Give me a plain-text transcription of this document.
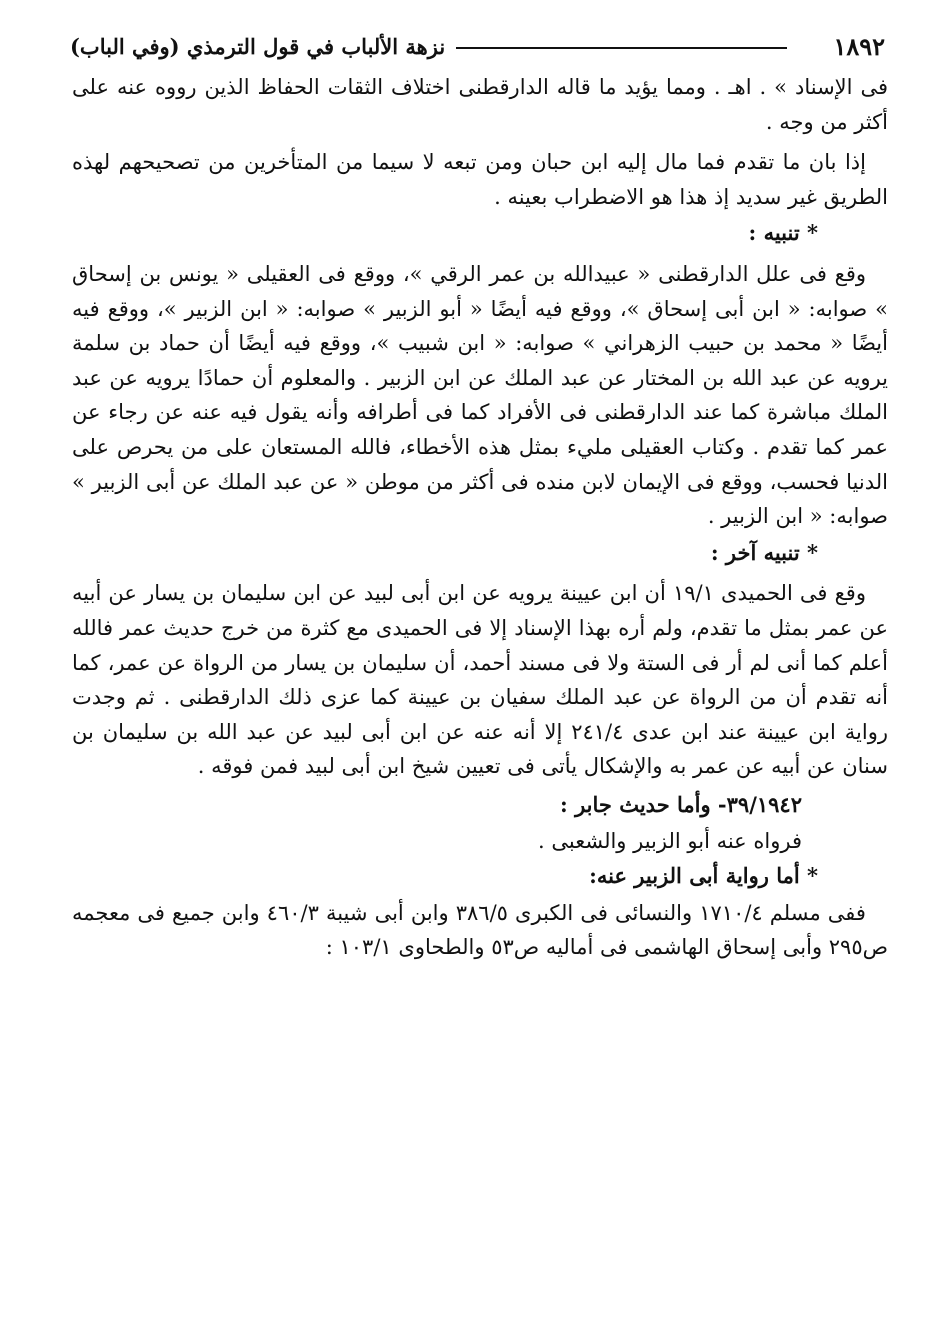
١٨٩٢
نزهة الألباب في قول الترمذي (وفي الباب)

فى الإسناد » . اهـ . ومما يؤيد ما قاله الدارقطنى اختلاف الثقات الحفاظ الذين رووه عنه على أكثر من وجه .

إذا بان ما تقدم فما مال إليه ابن حبان ومن تبعه لا سيما من المتأخرين من تصحيحهم لهذه الطريق غير سديد إذ هذا هو الاضطراب بعينه .

* تنبيه :

وقع فى علل الدارقطنى « عبيدالله بن عمر الرقي »، ووقع فى العقيلى « يونس بن إسحاق » صوابه: « ابن أبى إسحاق »، ووقع فيه أيضًا « أبو الزبير » صوابه: « ابن الزبير »، ووقع فيه أيضًا « محمد بن حبيب الزهراني » صوابه: « ابن شبيب »، ووقع فيه أيضًا أن حماد بن سلمة يرويه عن عبد الله بن المختار عن عبد الملك عن ابن الزبير . والمعلوم أن حمادًا يرويه عن عبد الملك مباشرة كما عند الدارقطنى فى الأفراد كما فى أطرافه وأنه يقول فيه عنه عن رجاء عن عمر كما تقدم . وكتاب العقيلى مليء بمثل هذه الأخطاء، فالله المستعان على من يحرص على الدنيا فحسب، ووقع فى الإيمان لابن منده فى أكثر من موطن « عن عبد الملك عن أبى الزبير » صوابه: « ابن الزبير .

* تنبيه آخر :

وقع فى الحميدى ١٩/١ أن ابن عيينة يرويه عن ابن أبى لبيد عن ابن سليمان بن يسار عن أبيه عن عمر بمثل ما تقدم، ولم أره بهذا الإسناد إلا فى الحميدى مع كثرة من خرج حديث عمر فالله أعلم كما أنى لم أر فى الستة ولا فى مسند أحمد، أن سليمان بن يسار من الرواة عن عمر، كما أنه تقدم أن من الرواة عن عبد الملك سفيان بن عيينة كما عزى ذلك الدارقطنى . ثم وجدت رواية ابن عيينة عند ابن عدى ٢٤١/٤ إلا أنه عنه عن ابن أبى لبيد عن عبد الله بن سليمان بن سنان عن أبيه عن عمر به والإشكال يأتى فى تعيين شيخ ابن أبى لبيد فمن فوقه .

٣٩/١٩٤٢- وأما حديث جابر :

فرواه عنه أبو الزبير والشعبى .

* أما رواية أبى الزبير عنه:

ففى مسلم ١٧١٠/٤ والنسائى فى الكبرى ٣٨٦/٥ وابن أبى شيبة ٤٦٠/٣ وابن جميع فى معجمه ص٢٩٥ وأبى إسحاق الهاشمى فى أماليه ص٥٣ والطحاوى ١٠٣/١ :
